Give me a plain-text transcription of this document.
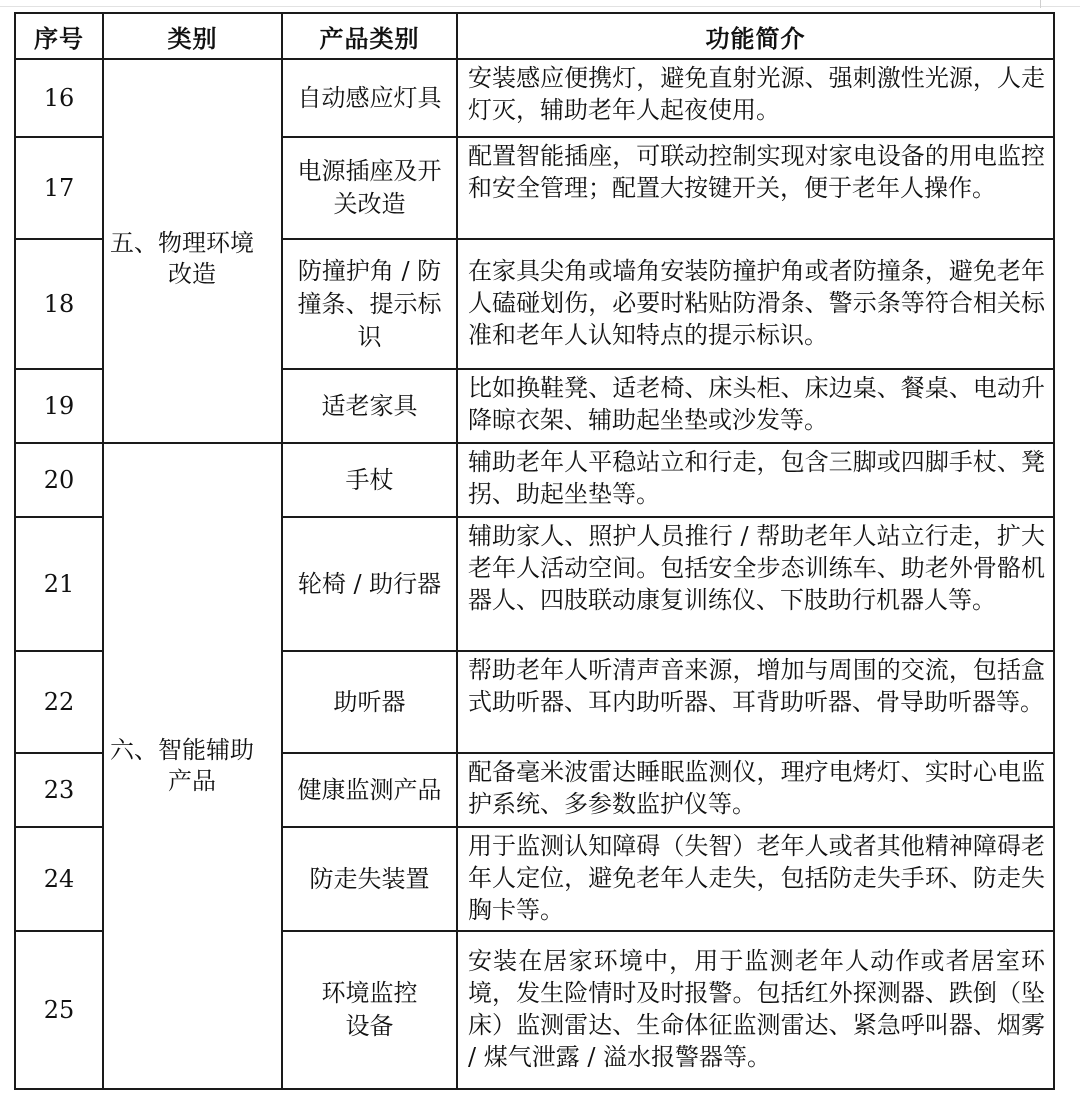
序号	类别	产品类别	功能简介
16	五、物理环境改造	自动感应灯具	安装感应便携灯，避免直射光源、强刺激性光源，人走灯灭，辅助老年人起夜使用。
17		电源插座及开关改造	配置智能插座，可联动控制实现对家电设备的用电监控和安全管理；配置大按键开关，便于老年人操作。
18		防撞护角 / 防撞条、提示标识	在家具尖角或墙角安装防撞护角或者防撞条，避免老年人磕碰划伤，必要时粘贴防滑条、警示条等符合相关标准和老年人认知特点的提示标识。
19		适老家具	比如换鞋凳、适老椅、床头柜、床边桌、餐桌、电动升降晾衣架、辅助起坐垫或沙发等。
20	六、智能辅助产品	手杖	辅助老年人平稳站立和行走，包含三脚或四脚手杖、凳拐、助起坐垫等。
21		轮椅 / 助行器	辅助家人、照护人员推行 / 帮助老年人站立行走，扩大老年人活动空间。包括安全步态训练车、助老外骨骼机器人、四肢联动康复训练仪、下肢助行机器人等。
22		助听器	帮助老年人听清声音来源，增加与周围的交流，包括盒式助听器、耳内助听器、耳背助听器、骨导助听器等。
23		健康监测产品	配备毫米波雷达睡眠监测仪，理疗电烤灯、实时心电监护系统、多参数监护仪等。
24		防走失装置	用于监测认知障碍（失智）老年人或者其他精神障碍老年人定位，避免老年人走失，包括防走失手环、防走失胸卡等。
25		环境监控设备	安装在居家环境中，用于监测老年人动作或者居室环境，发生险情时及时报警。包括红外探测器、跌倒（坠床）监测雷达、生命体征监测雷达、紧急呼叫器、烟雾 / 煤气泄露 / 溢水报警器等。
